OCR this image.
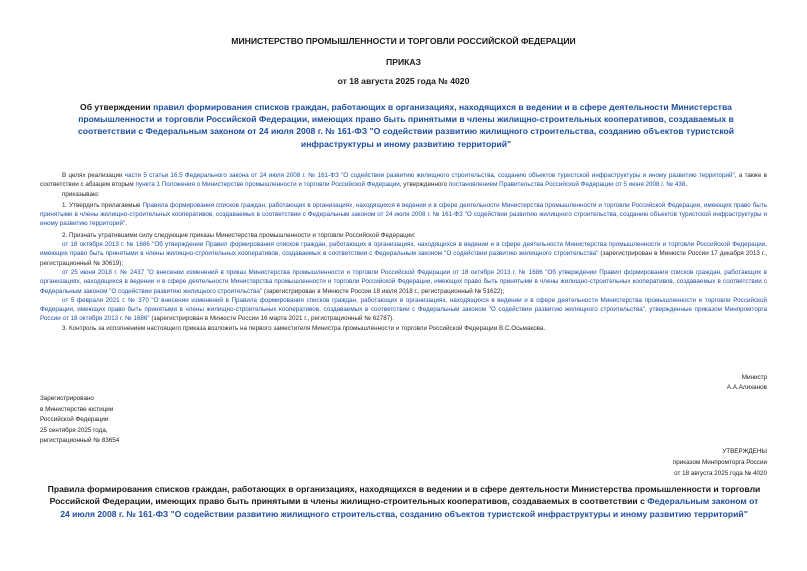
МИНИСТЕРСТВО ПРОМЫШЛЕННОСТИ И ТОРГОВЛИ РОССИЙСКОЙ ФЕДЕРАЦИИ
ПРИКАЗ
от 18 августа 2025 года № 4020
Об утверждении правил формирования списков граждан, работающих в организациях, находящихся в ведении и в сфере деятельности Министерства промышленности и торговли Российской Федерации, имеющих право быть принятыми в члены жилищно-строительных кооперативов, создаваемых в соответствии с Федеральным законом от 24 июля 2008 г. № 161-ФЗ "О содействии развитию жилищного строительства, созданию объектов туристской инфраструктуры и иному развитию территорий"

В целях реализации части 5 статьи 16.5 Федерального закона от 24 июля 2008 г. № 161-ФЗ "О содействии развитию жилищного строительства, созданию объектов туристской инфраструктуры и иному развитию территорий", а также в соответствии с абзацем вторым пункта 1 Положения о Министерстве промышленности и торговли Российской Федерации, утвержденного постановлением Правительства Российской Федерации от 5 июня 2008 г. № 438,

приказываю:

1. Утвердить прилагаемые Правила формирования списков граждан, работающих в организациях, находящихся в ведении и в сфере деятельности Министерства промышленности и торговли Российской Федерации, имеющих право быть принятыми в члены жилищно-строительных кооперативов, создаваемых в соответствии с Федеральным законом от 24 июля 2008 г. № 161-ФЗ "О содействии развитию жилищного строительства, созданию объектов туристской инфраструктуры и иному развитию территорий".

2. Признать утратившими силу следующие приказы Министерства промышленности и торговли Российской Федерации:

от 18 октября 2013 г. № 1686 "Об утверждении Правил формирования списков граждан, работающих в организациях, находящихся в ведении и в сфере деятельности Министерства промышленности и торговли Российской Федерации, имеющих право быть принятыми в члены жилищно-строительных кооперативов, создаваемых в соответствии с Федеральным законом "О содействии развитию жилищного строительства" (зарегистрирован в Минюсте России 17 декабря 2013 г., регистрационный № 30619);

от 25 июня 2018 г. № 2437 "О внесении изменений в приказ Министерства промышленности и торговли Российской Федерации от 18 октября 2013 г. № 1686 "Об утверждении Правил формирования списков граждан, работающих в организациях, находящихся в ведении и в сфере деятельности Министерства промышленности и торговли Российской Федерации, имеющих право быть принятыми в члены жилищно-строительных кооперативов, создаваемых в соответствии с Федеральным законом "О содействии развитию жилищного строительства" (зарегистрирован в Минюсте России 18 июля 2018 г., регистрационный № 51622);

от 5 февраля 2021 г. № 370 "О внесении изменений в Правила формирования списков граждан, работающих в организациях, находящихся в ведении и в сфере деятельности Министерства промышленности и торговли Российской Федерации, имеющих право быть принятыми в члены жилищно-строительных кооперативов, создаваемых в соответствии с Федеральным законом "О содействии развитию жилищного строительства", утвержденные приказом Минпромторга России от 18 октября 2013 г. № 1686" (зарегистрирован в Минюсте России 16 марта 2021 г., регистрационный № 62787).

3. Контроль за исполнением настоящего приказа возложить на первого заместителя Министра промышленности и торговли Российской Федерации В.С.Осьмакова.

Министр
А.А.Алиханов
Зарегистрировано
в Министерстве юстиции
Российской Федерации
25 сентября 2025 года,
регистрационный № 83654
УТВЕРЖДЕНЫ
приказом Минпромторга России
от 18 августа 2025 года № 4020
Правила формирования списков граждан, работающих в организациях, находящихся в ведении и в сфере деятельности Министерства промышленности и торговли Российской Федерации, имеющих право быть принятыми в члены жилищно-строительных кооперативов, создаваемых в соответствии с Федеральным законом от 24 июля 2008 г. № 161-ФЗ "О содействии развитию жилищного строительства, созданию объектов туристской инфраструктуры и иному развитию территорий"
